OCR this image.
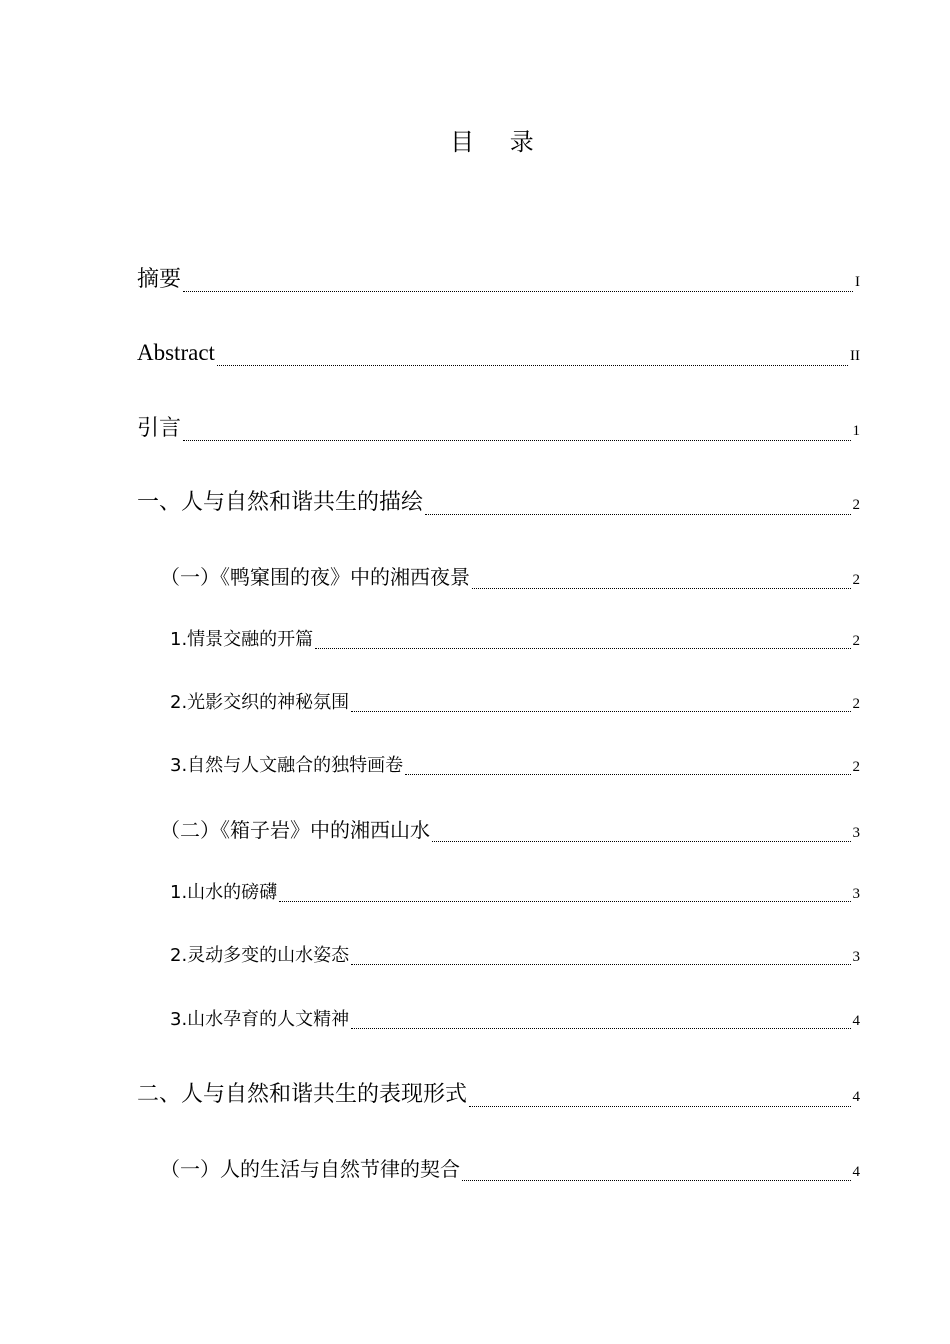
目 录
摘要	I
Abstract	II
引言	1
一、人与自然和谐共生的描绘	2
（一）《鸭窠围的夜》中的湘西夜景	2
1.情景交融的开篇	2
2.光影交织的神秘氛围	2
3.自然与人文融合的独特画卷	2
（二）《箱子岩》中的湘西山水	3
1.山水的磅礴	3
2.灵动多变的山水姿态	3
3.山水孕育的人文精神	4
二、人与自然和谐共生的表现形式	4
（一）人的生活与自然节律的契合	4
